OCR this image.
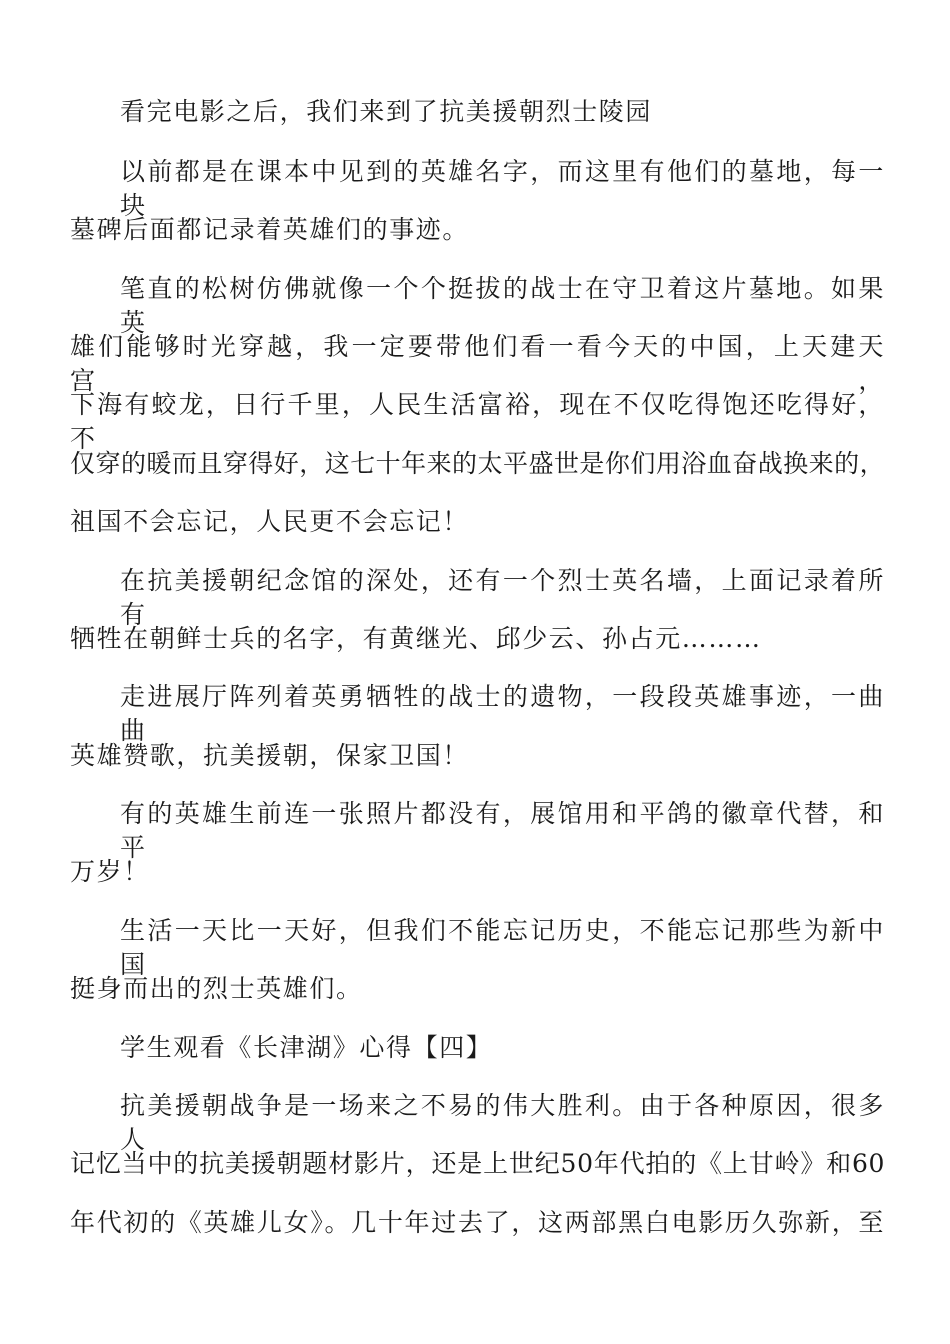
看完电影之后，我们来到了抗美援朝烈士陵园
以前都是在课本中见到的英雄名字，而这里有他们的墓地，每一块
墓碑后面都记录着英雄们的事迹。
笔直的松树仿佛就像一个个挺拔的战士在守卫着这片墓地。如果英
雄们能够时光穿越，我一定要带他们看一看今天的中国，上天建天宫，
下海有蛟龙，日行千里，人民生活富裕，现在不仅吃得饱还吃得好，不
仅穿的暖而且穿得好，这七十年来的太平盛世是你们用浴血奋战换来的，
祖国不会忘记，人民更不会忘记！
在抗美援朝纪念馆的深处，还有一个烈士英名墙，上面记录着所有
牺牲在朝鲜士兵的名字，有黄继光、邱少云、孙占元………
走进展厅阵列着英勇牺牲的战士的遗物，一段段英雄事迹，一曲曲
英雄赞歌，抗美援朝，保家卫国！
有的英雄生前连一张照片都没有，展馆用和平鸽的徽章代替，和平
万岁！
生活一天比一天好，但我们不能忘记历史，不能忘记那些为新中国
挺身而出的烈士英雄们。
学生观看《长津湖》心得【四】
抗美援朝战争是一场来之不易的伟大胜利。由于各种原因，很多人
记忆当中的抗美援朝题材影片，还是上世纪50年代拍的《上甘岭》和60
年代初的《英雄儿女》。几十年过去了，这两部黑白电影历久弥新，至
